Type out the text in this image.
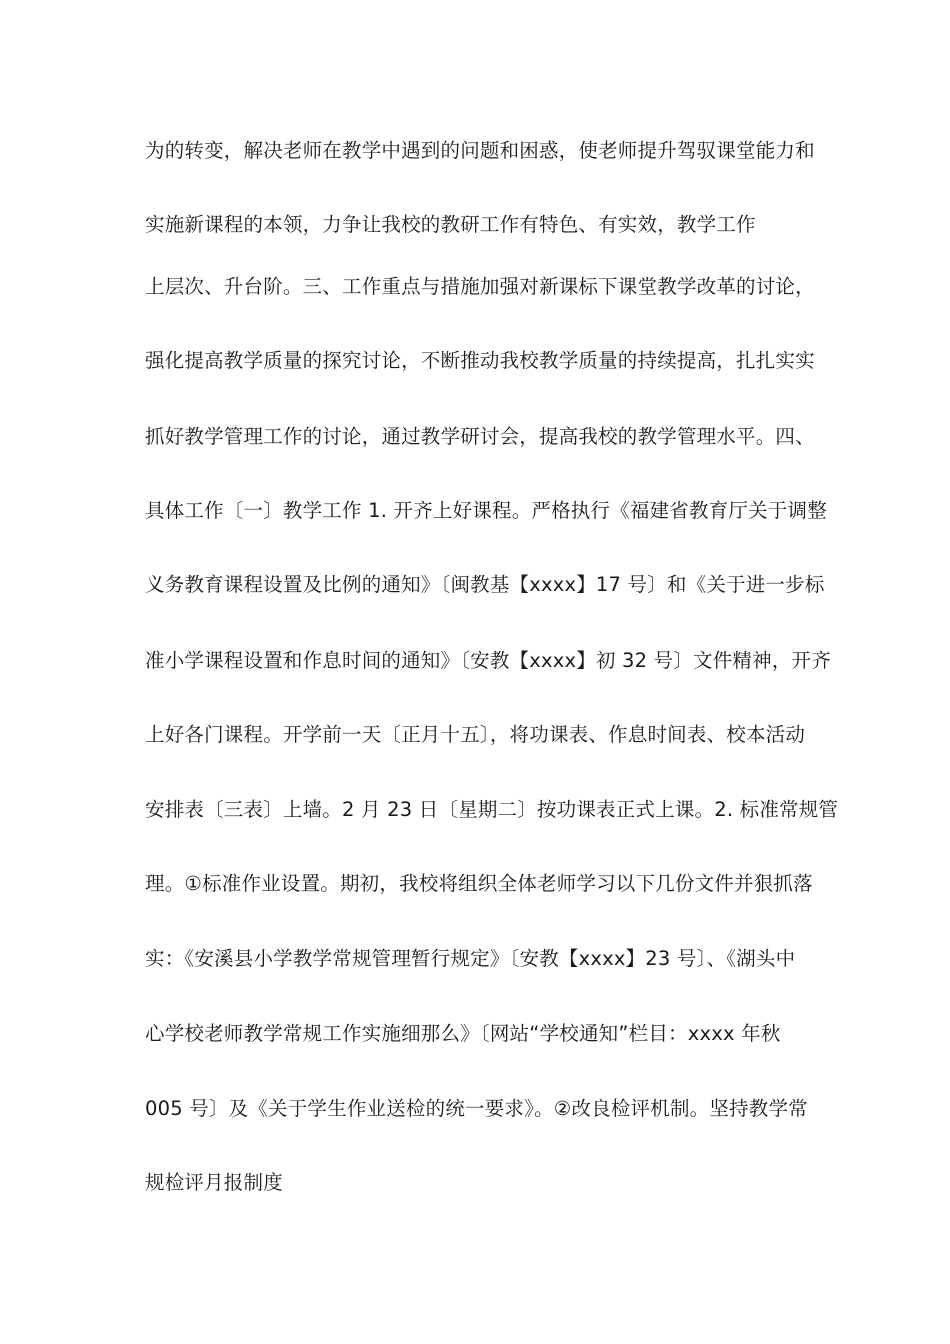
为的转变，解决老师在教学中遇到的问题和困惑，使老师提升驾驭课堂能力和
实施新课程的本领，力争让我校的教研工作有特色、有实效，教学工作
上层次、升台阶。三、工作重点与措施加强对新课标下课堂教学改革的讨论，
强化提高教学质量的探究讨论，不断推动我校教学质量的持续提高，扎扎实实
抓好教学管理工作的讨论，通过教学研讨会，提高我校的教学管理水平。四、
具体工作〔一〕教学工作 1. 开齐上好课程。严格执行《福建省教育厅关于调整
义务教育课程设置及比例的通知》〔闽教基【xxxx】17 号〕和《关于进一步标
准小学课程设置和作息时间的通知》〔安教【xxxx】初 32 号〕文件精神，开齐
上好各门课程。开学前一天〔正月十五〕，将功课表、作息时间表、校本活动
安排表〔三表〕上墙。2 月 23 日〔星期二〕按功课表正式上课。2. 标准常规管
理。①标准作业设置。期初，我校将组织全体老师学习以下几份文件并狠抓落
实：《安溪县小学教学常规管理暂行规定》〔安教【xxxx】23 号〕、《湖头中
心学校老师教学常规工作实施细那么》〔网站“学校通知”栏目：xxxx 年秋
005 号〕及《关于学生作业送检的统一要求》。②改良检评机制。坚持教学常
规检评月报制度
